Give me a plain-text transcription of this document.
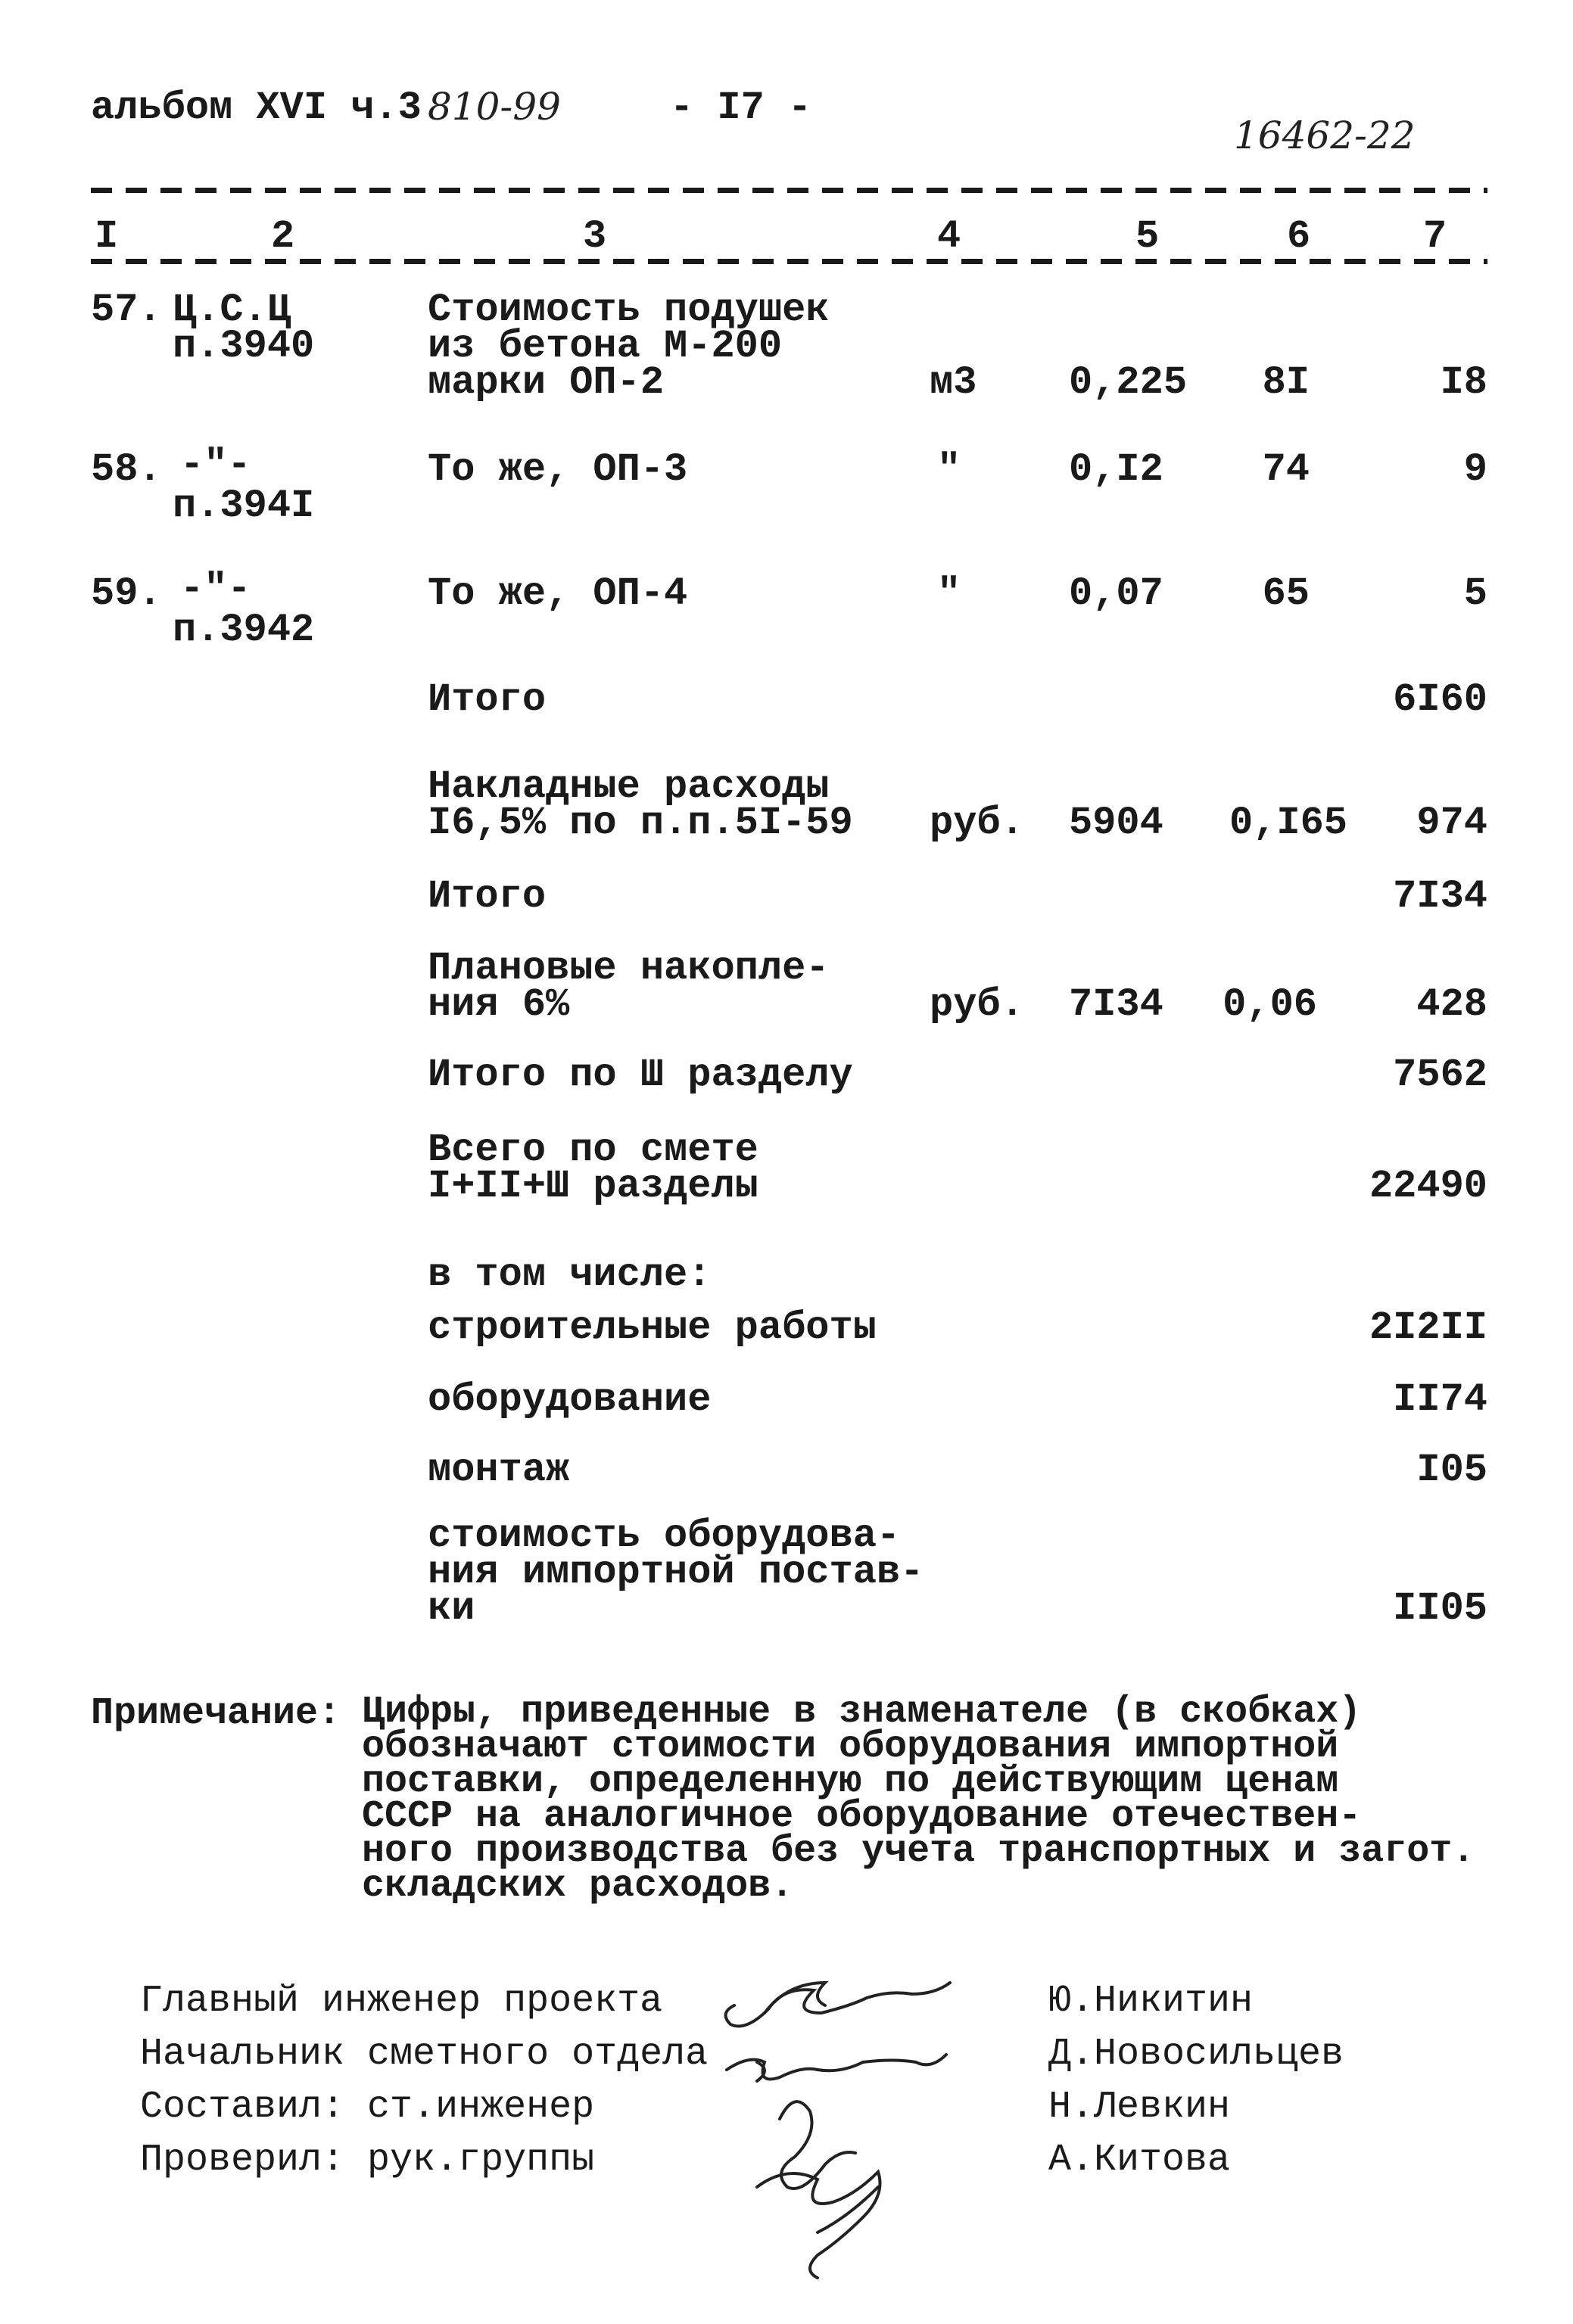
альбом XVI ч.3 810-99	- I7 -
16462-22
I	2	3	4	5	6	7
57. Ц.С.Ц
п.3940
Стоимость подушек
из бетона М-200
марки ОП-2	м3 0,225	8I	I8
58. -"-
п.394I
То же, ОП-3	"	0,I2	74	9
59. -"-
п.3942
То же, ОП-4	"	0,07	65	5
Итого	6I60
Накладные расходы
I6,5% по п.п.5I-59 руб. 5904	0,I65	974
Итого	7I34
Плановые накопле-
ния 6%	руб. 7I34	0,06	428
Итого по Ш разделу	7562
Всего по смете
I+II+Ш разделы	22490
в том числе:
строительные работы	2I2II
оборудование	II74
монтаж	I05
стоимость оборудова-
ния импортной постав-
ки	II05
Примечание: Цифры, приведенные в знаменателе (в скобках)
обозначают стоимости оборудования импортной
поставки, определенную по действующим ценам
СССР на аналогичное оборудование отечествен-
ного производства без учета транспортных и загот.
складских расходов.
Главный инженер проекта	Ю.Никитин
Начальник сметного отдела	Д.Новосильцев
Составил: ст.инженер	Н.Левкин
Проверил: рук.группы	А.Китова
